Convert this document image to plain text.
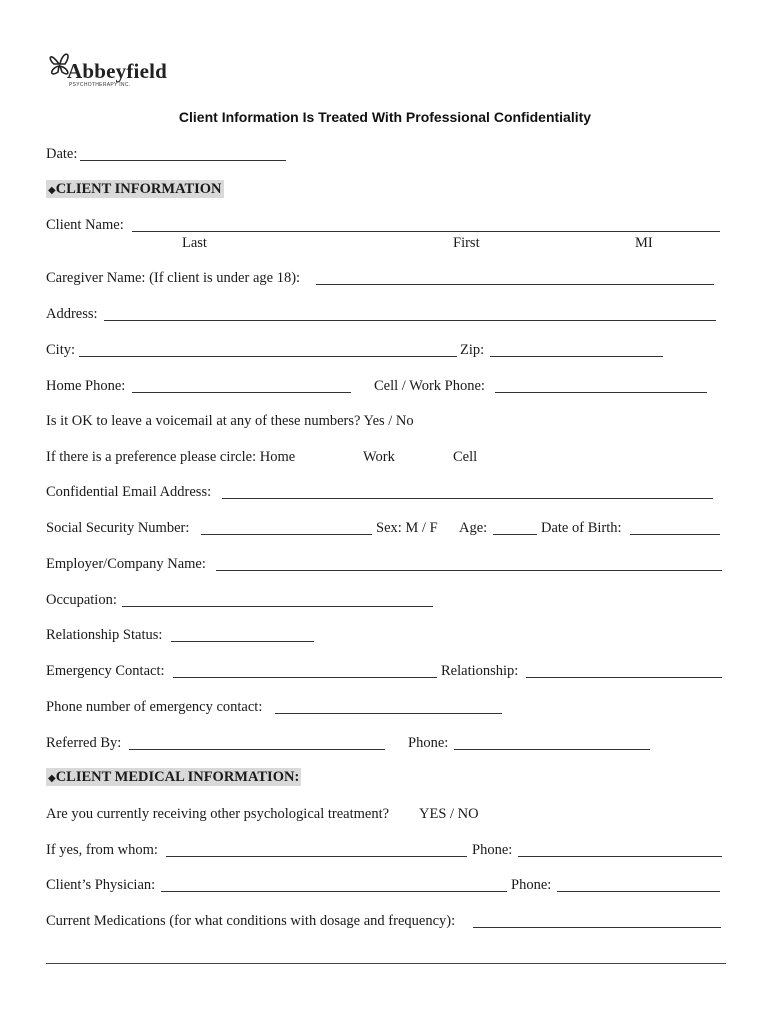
Abbeyfield
PSYCHOTHERAPY INC.
Client Information Is Treated With Professional Confidentiality
Date:
◆CLIENT INFORMATION
Client Name:
Last	First	MI
Caregiver Name: (If client is under age 18):
Address:
City:	Zip:
Home Phone:	Cell / Work Phone:
Is it OK to leave a voicemail at any of these numbers? Yes / No
If there is a preference please circle: Home	Work	Cell
Confidential Email Address:
Social Security Number:	Sex: M / F Age:	Date of Birth:
Employer/Company Name:
Occupation:
Relationship Status:
Emergency Contact:	Relationship:
Phone number of emergency contact:
Referred By:	Phone:
◆CLIENT MEDICAL INFORMATION:
Are you currently receiving other psychological treatment? YES / NO
If yes, from whom:	Phone:
Client’s Physician:	Phone:
Current Medications (for what conditions with dosage and frequency):
